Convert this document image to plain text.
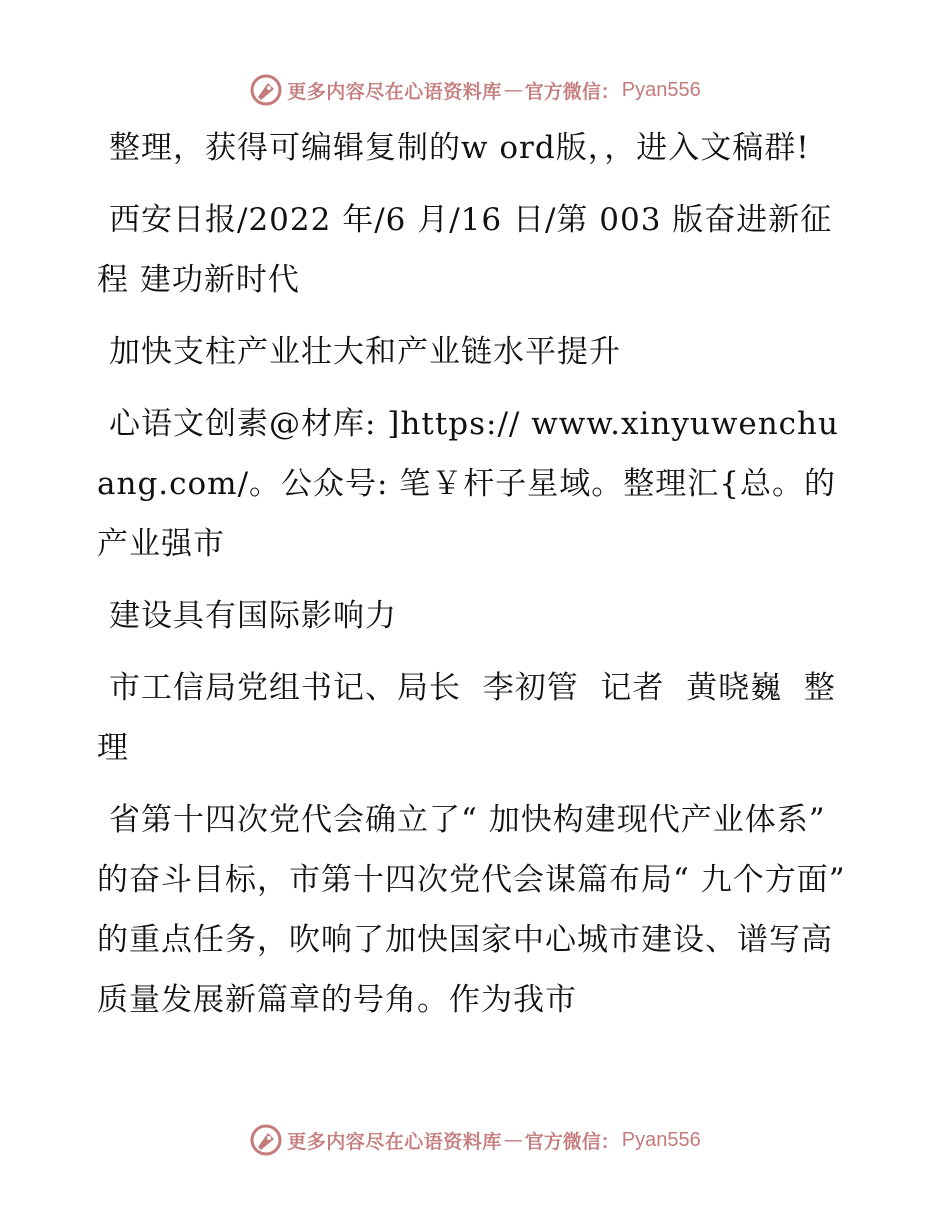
更多内容尽在心语资料库 — 官方微信： Pyan556

整理，获得可编辑复制的w ord版，，进入文稿群!

西安日报/2022 年/6 月/16 日/第 003 版奋进新征程 建功新时代

加快支柱产业壮大和产业链水平提升

心语文创素@材库: ]https:// www.xinyuwenchuang.com/。公众号: 笔￥杆子星域。整理汇{总。的产业强市

建设具有国际影响力

市工信局党组书记、局长  李初管  记者  黄晓巍  整理

省第十四次党代会确立了“ 加快构建现代产业体系” 的奋斗目标，市第十四次党代会谋篇布局“ 九个方面” 的重点任务，吹响了加快国家中心城市建设、谱写高质量发展新篇章的号角。作为我市

更多内容尽在心语资料库 — 官方微信： Pyan556
